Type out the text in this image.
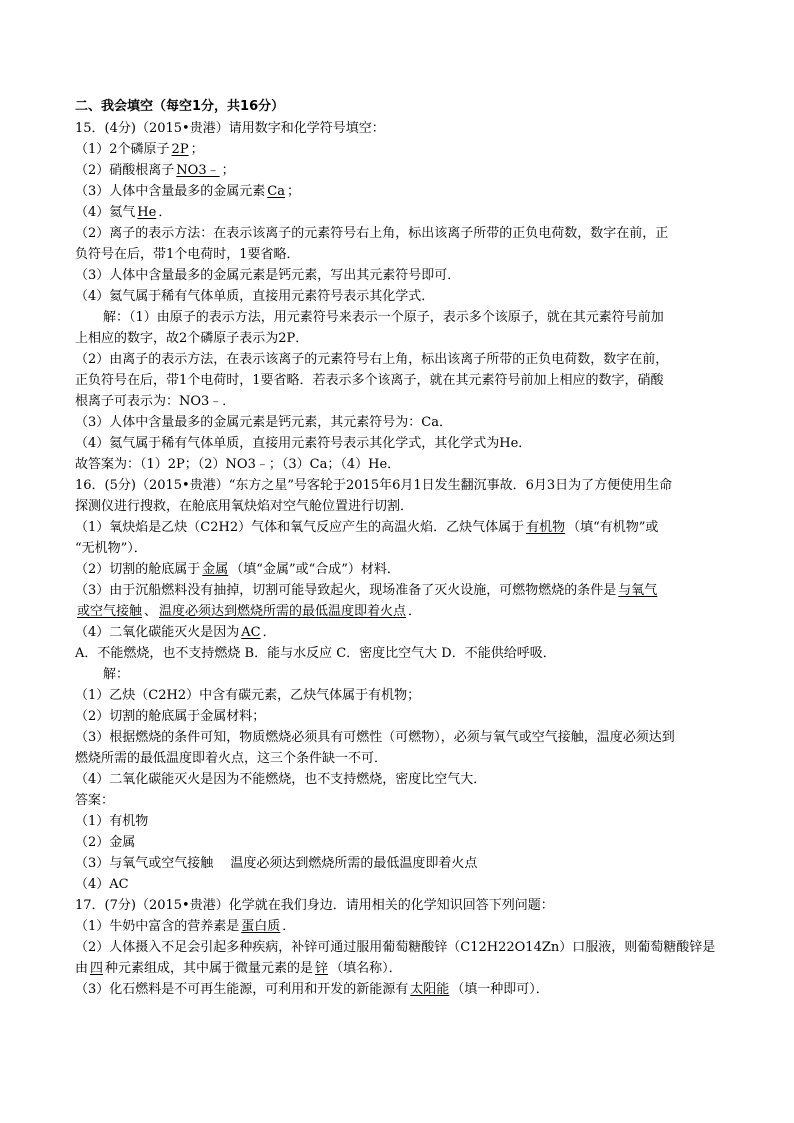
二、我会填空（每空1分，共16分）
15．(4分)（2015•贵港）请用数字和化学符号填空：
（1）2个磷原子 2P ；
（2）硝酸根离子 NO3﹣ ；
（3）人体中含量最多的金属元素 Ca ；
（4）氦气 He ．
（2）离子的表示方法：在表示该离子的元素符号右上角，标出该离子所带的正负电荷数，数字在前，正
负符号在后，带1个电荷时，1要省略．
（3）人体中含量最多的金属元素是钙元素，写出其元素符号即可．
（4）氦气属于稀有气体单质，直接用元素符号表示其化学式．
解：（1）由原子的表示方法，用元素符号来表示一个原子，表示多个该原子，就在其元素符号前加
上相应的数字，故2个磷原子表示为2P．
（2）由离子的表示方法，在表示该离子的元素符号右上角，标出该离子所带的正负电荷数，数字在前，
正负符号在后，带1个电荷时，1要省略．若表示多个该离子，就在其元素符号前加上相应的数字，硝酸
根离子可表示为：NO3﹣．
（3）人体中含量最多的金属元素是钙元素，其元素符号为：Ca．
（4）氦气属于稀有气体单质，直接用元素符号表示其化学式，其化学式为He．
故答案为：（1）2P；（2）NO3﹣；（3）Ca；（4）He．
16．(5分)（2015•贵港）“东方之星”号客轮于2015年6月1日发生翻沉事故．6月3日为了方便使用生命
探测仪进行搜救，在舱底用氧炔焰对空气舱位置进行切割．
（1）氧炔焰是乙炔（C2H2）气体和氧气反应产生的高温火焰．乙炔气体属于 有机物 （填“有机物”或
“无机物”）．
（2）切割的舱底属于 金属 （填“金属”或“合成”）材料．
（3）由于沉船燃料没有抽掉，切割可能导致起火，现场准备了灭火设施，可燃物燃烧的条件是 与氧气
或空气接触 、 温度必须达到燃烧所需的最低温度即着火点 ．
（4）二氧化碳能灭火是因为 AC ．
A．不能燃烧，也不支持燃烧 B．能与水反应 C．密度比空气大 D．不能供给呼吸．
解：
（1）乙炔（C2H2）中含有碳元素，乙炔气体属于有机物；
（2）切割的舱底属于金属材料；
（3）根据燃烧的条件可知，物质燃烧必须具有可燃性（可燃物），必须与氧气或空气接触，温度必须达到
燃烧所需的最低温度即着火点，这三个条件缺一不可．
（4）二氧化碳能灭火是因为不能燃烧，也不支持燃烧，密度比空气大．
答案：
（1）有机物
（2）金属
（3）与氧气或空气接触　 温度必须达到燃烧所需的最低温度即着火点
（4）AC
17．(7分)（2015•贵港）化学就在我们身边．请用相关的化学知识回答下列问题：
（1）牛奶中富含的营养素是 蛋白质 ．
（2）人体摄入不足会引起多种疾病，补锌可通过服用葡萄糖酸锌（C12H22O14Zn）口服液，则葡萄糖酸锌是
由 四 种元素组成，其中属于微量元素的是 锌 （填名称）．
（3）化石燃料是不可再生能源，可利用和开发的新能源有 太阳能 （填一种即可）．
